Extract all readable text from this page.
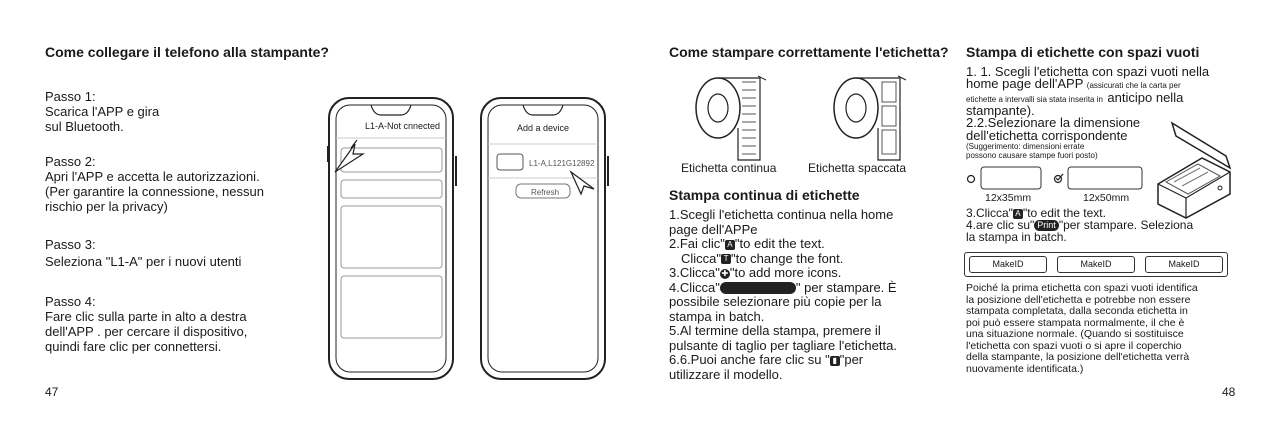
Come collegare il telefono alla stampante?
Passo 1:
Scarica l'APP e gira
sul Bluetooth.
Passo 2:
Apri l'APP e accetta le autorizzazioni.
(Per garantire la connessione, nessun
rischio per la privacy)
Passo 3:
Seleziona "L1-A" per i nuovi utenti
Passo 4:
Fare clic sulla parte in alto a destra
dell'APP . per cercare il dispositivo,
quindi fare clic per connettersi.
47
L1-A-Not cnnected	Add a device
L1-A,L121G12892
Refresh
Come stampare correttamente l'etichetta?
Etichetta continua	Etichetta spaccata
Stampa continua di etichette
1.Scegli l'etichetta continua nella home
page dell'APPe
2.Fai clic" A "to edit the text.
Clicca" T "to change the font.
3.Clicca" ✚ "to add more icons.
4.Clicca"	" per stampare. È
possibile selezionare più copie per la
stampa in batch.
5.Al termine della stampa, premere il
pulsante di taglio per tagliare l'etichetta.
6.6.Puoi anche fare clic su " ▮ "per
utilizzare il modello.
Stampa di etichette con spazi vuoti
1. 1. Scegli l'etichetta con spazi vuoti nella
home page dell'APP (assicurati che la carta per
etichette a intervalli sia stata inserita in anticipo nella
stampante).
2.2.Selezionare la dimensione
dell'etichetta corrispondente
(Suggerimento: dimensioni errate
possono causare stampe fuori posto)
12x35mm	12x50mm
3.Clicca" A "to edit the text.
4.are clic su" Print "per stampare. Seleziona
la stampa in batch.
MakeID	MakeID	MakeID
Poiché la prima etichetta con spazi vuoti identifica
la posizione dell'etichetta e potrebbe non essere
stampata completata, dalla seconda etichetta in
poi può essere stampata normalmente, il che è
una situazione normale. (Quando si sostituisce
l'etichetta con spazi vuoti o si apre il coperchio
della stampante, la posizione dell'etichetta verrà
nuovamente identificata.)
48
